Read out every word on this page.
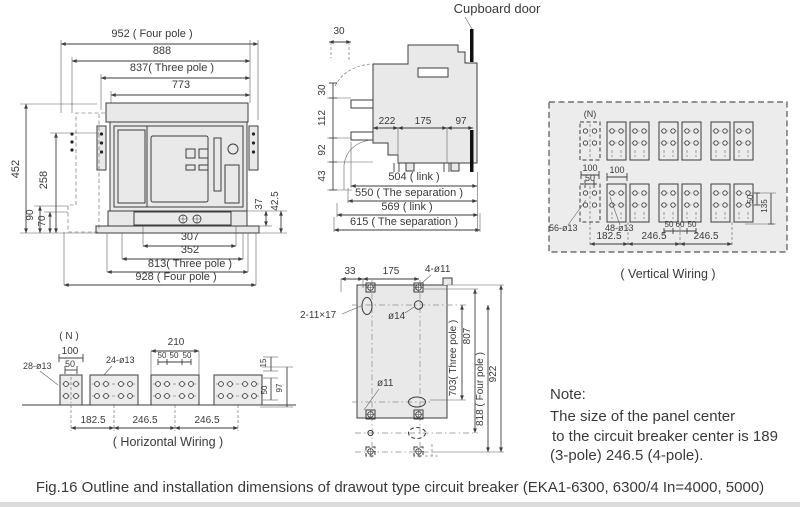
952 ( Four pole )
888
837( Three pole )
773
452
258
90
70
37 42.5
307
352
813( Three pole )
928 ( Four pole )
Cupboard door
30
30
112
92
43
222 175 97
504 ( link )
550 ( The separation )
569 ( link )
615 ( The separation )
(N)
100
50
100
56-ø13	48-ø13	50 60 50
182.5 246.5	246.5
50
135
( Vertical Wiring )
( N )
100
50
28-ø13
24-ø13
210
50 50 50
15
50 97
182.5	246.5	246.5
( Horizontal Wiring )
33	175	4-ø11
2-11×17	ø14
ø11	703( Three pole ) 807
818 ( Four pole ) 922
Note:
The size of the panel center
to the circuit breaker center is 189
(3-pole) 246.5 (4-pole).
Fig.16 Outline and installation dimensions of drawout type circuit breaker (EKA1-6300, 6300/4 In=4000, 5000)
